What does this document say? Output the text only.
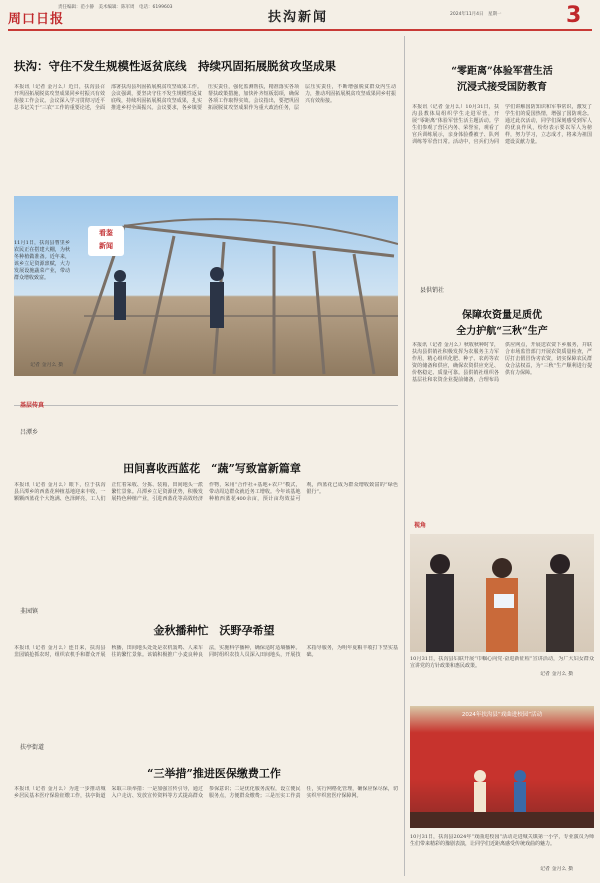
周口日报
责任编辑：范小静　美术编辑：陈军周　电话：6199603
扶沟新闻	2024年11月4日　星期一	3
扶沟：守住不发生规模性返贫底线　持续巩固拓展脱贫攻坚成果
本报讯（记者 金月么）近日，扶沟县召开巩固拓展脱贫攻坚成果同乡村振兴有效衔接工作会议。会议深入学习贯彻习近平总书记关于“三农”工作的重要论述，全面部署扶沟县巩固拓展脱贫攻坚成果工作。会议强调，要坚决守住不发生规模性返贫底线，持续巩固拓展脱贫攻坚成果，扎实推进乡村全面振兴。会议要求，各乡镇要压实责任，强化监测帮扶，精准落实各项帮扶政策措施，加快补齐短板弱项，确保各项工作取得实效。会议指出，要把巩固拓展脱贫攻坚成果作为重大政治任务，层层压实责任，不断增强脱贫群众内生动力，推动巩固拓展脱贫攻坚成果同乡村振兴有效衔接。
看鉴
新闻
11月1日，扶沟县曹里乡农民正在搭建大棚，为秋冬种植做准备。近年来，该乡立足资源禀赋，大力发展设施蔬菜产业，带动群众增收致富。
记者 金月么 摄
基层传真
吕潭乡
田间喜收西蓝花　“蔬”写致富新篇章
本报讯（记者 金月么）眼下，位于扶沟县吕潭乡的西蓝花种植基地迎来丰收，一颗颗西蓝花个大饱满、色泽鲜亮，工人们正忙着采收、分拣、装箱，田间地头一派繁忙景象。吕潭乡立足资源优势，积极发展特色种植产业，引进西蓝花等高效经济作物，采用“合作社+基地+农户”模式，带动周边群众就近务工增收。今年该基地种植西蓝花400余亩，预计亩均效益可观，西蓝花已成为群众增收致富的“绿色银行”。
韭园镇
金秋播种忙　沃野孕希望
本报讯（记者 金月么）连日来，扶沟县韭园镇抢抓农时，组织农机手和群众开展秋播，田间地头处处是农机轰鸣、人来车往的繁忙景象。该镇积极推广小麦良种良法，实施科学播种，确保适时适墒播种。同时组织农技人员深入田间地头，开展技术指导服务，为明年夏粮丰收打下坚实基础。
扶亭街道
“三举措”推进医保缴费工作
本报讯（记者 金月么）为进一步推动城乡居民基本医疗保险征缴工作，扶亭街道采取三项举措：一是加强宣传引导，通过入户走访、发放宣传资料等方式提高群众参保意识；二是优化服务流程，设立便民服务点，方便群众缴费；三是压实工作责任，实行网格化管理，确保应保尽保，切实织牢织密医疗保障网。
“零距离”体验军营生活
沉浸式接受国防教育
本报讯（记者 金月么）10月31日，扶沟县教体局组织学生走进军营，开展“零距离”体验军营生活主题活动。学生们参观了营区内务、荣誉室，观看了官兵训练展示，亲身体验叠被子、队列训练等军营日常。活动中，官兵们为同学们讲解国防知识和军事常识，激发了学生们的爱国热情，增强了国防观念。通过此次活动，同学们深刻感受到军人的优良作风，纷纷表示要以军人为榜样，努力学习，立志成才，将来为祖国建设贡献力量。
县供销社
保障农资量足质优
全力护航“三秋”生产
本报讯（记者 金月么）秋收秋种时节，扶沟县供销社积极发挥为农服务主力军作用，精心组织化肥、种子、农药等农资的储备和供应，确保农资供应充足、价格稳定、质量可靠。县供销社组织各基层社和农资企业提前储备，合理布局供应网点，开展送农资下乡服务，并联合市场监管部门开展农资质量检查，严厉打击假冒伪劣农资，切实保障农民群众合法权益，为“三秋”生产顺利进行提供有力保障。
视角
10月31日，扶沟县妇联开展“巾帼心向党·奋进新征程”宣讲活动，为广大妇女群众宣讲党的方针政策和惠民政策。
记者 金月么 摄
2024年扶沟县“戏曲进校园”活动
10月31日，扶沟县2024年“戏曲进校园”活动走进城关镇第一小学，专业演员为师生们带来精彩的豫剧表演，让同学们近距离感受传统戏曲的魅力。
记者 金月么 摄
